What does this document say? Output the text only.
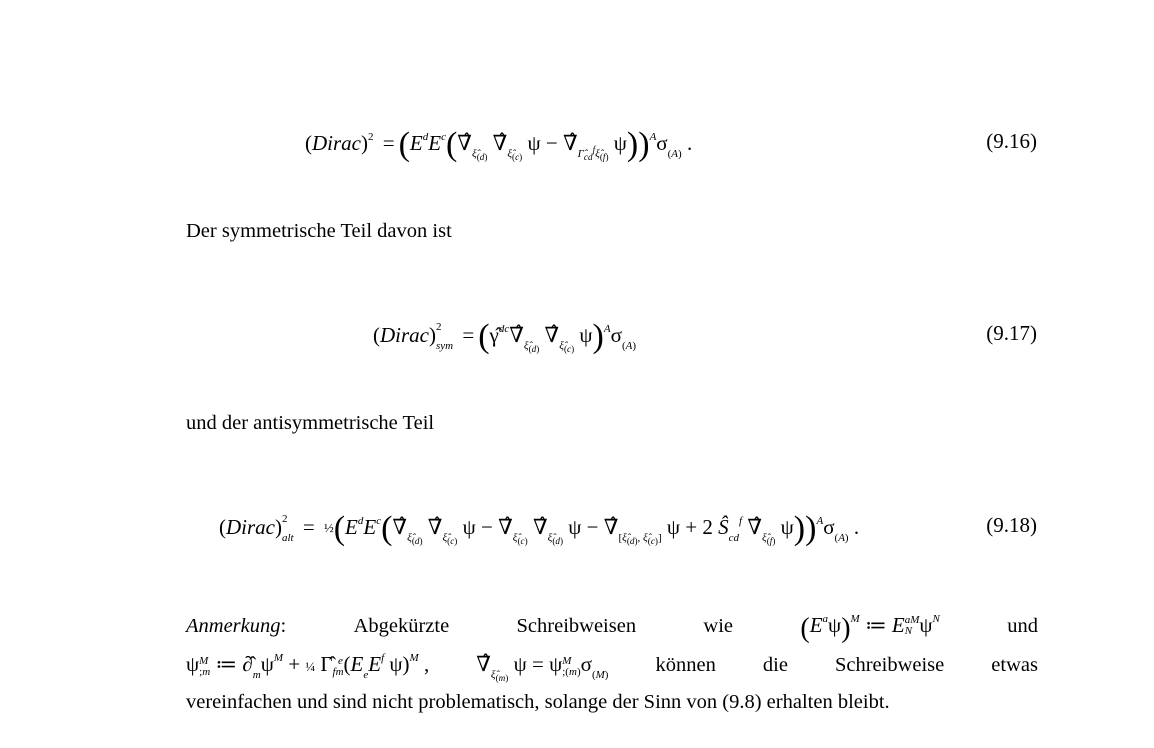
(Dirac)$^2$ = ($E^dE^c(\nablâ_{\xî_{(d)}}$ $\nablâ_{\xî_{(c)}}$ $\psi - \nablâ_{\Gammâ_{cd}^f\xî_{(f)}}$ $\psi))^A\sigma_{(A)}$ .	(9.16)
Der symmetrische Teil davon ist
(Dirac) $_{2 sym} = (\gammâ^{dc}\nablâ_{\xî_{(d)}}$ $\nablâ_{\xî_{(c)}}$ $\psi)^A\sigma_{(A)}$
(9.17)
und der antisymmetrische Teil
(Dirac) $_{2 alt} = \frac{1}{2}(E^dE^c(\nablâ_{\xî_{(d)}}$ $\nablâ_{\xî_{(c)}}$ $\psi - \nablâ_{\xî_{(c)}}$ $\nablâ_{\xî_{(d)}}$ $\psi - \nablâ_{[\xî_{(d)}, \xî_{(c)}]}$ ψ + 2 $Ŝ_{cd}^f$ $\nablâ_{\xî_{(f)}}$ $\psi))^A\sigma_{(A)}$ .	(9.18)
Anmerkung:	Abgekürzte	Schreibweisen	wie $(E^a\psi)^M$ ≔ EaM
N $\psi^N$	und
ψM
;m ≔ $\partial̂_m\psi^M$ + ¼ Γ̂ e
$fm(E_eE^f$ ψ)$^M$ , $\nablâ_{\xî_{(m)}}$ ψ = ψM
$;(m)\sigma_{(M)}$ können die Schreibweise etwas
vereinfachen und sind nicht problematisch, solange der Sinn von (9.8) erhalten bleibt.
